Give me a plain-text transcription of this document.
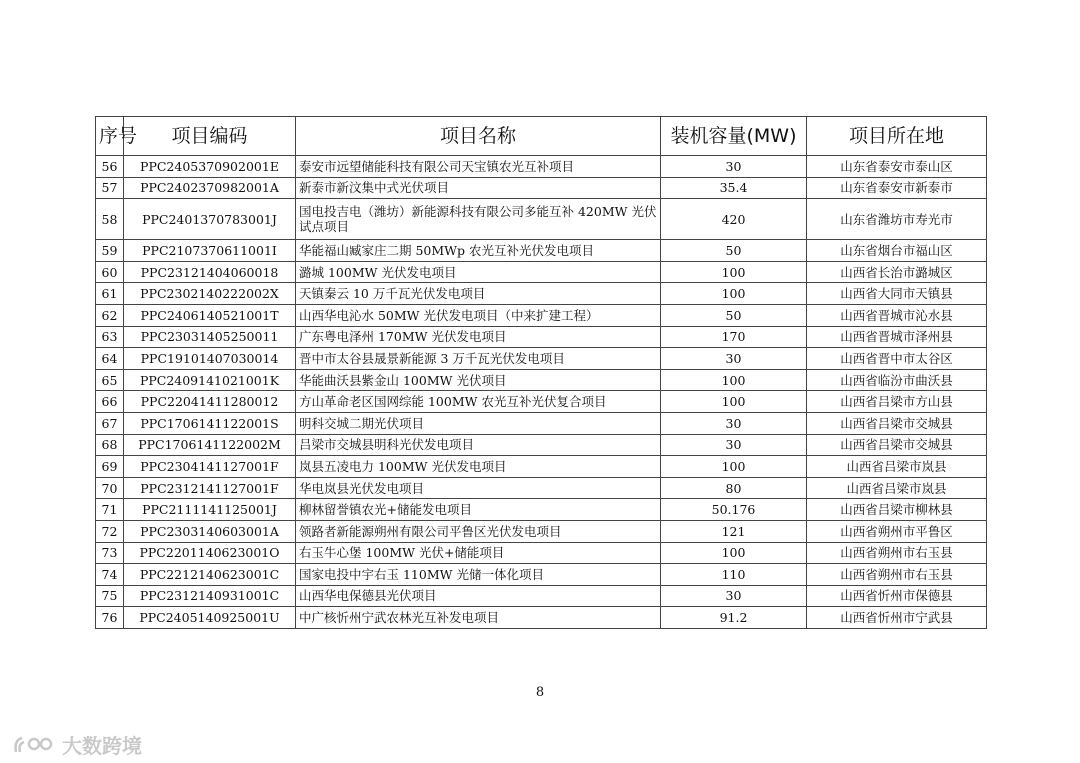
序号	项目编码	项目名称	装机容量(MW)	项目所在地
56	PPC2405370902001E	泰安市远望储能科技有限公司天宝镇农光互补项目	30	山东省泰安市泰山区
57	PPC2402370982001A	新泰市新汶集中式光伏项目	35.4	山东省泰安市新泰市
58	PPC2401370783001J	国电投吉电（潍坊）新能源科技有限公司多能互补 420MW 光伏试点项目	420	山东省潍坊市寿光市
59	PPC2107370611001I	华能福山臧家庄二期 50MWp 农光互补光伏发电项目	50	山东省烟台市福山区
60	PPC23121404060018	潞城 100MW 光伏发电项目	100	山西省长治市潞城区
61	PPC2302140222002X	天镇秦云 10 万千瓦光伏发电项目	100	山西省大同市天镇县
62	PPC2406140521001T	山西华电沁水 50MW 光伏发电项目（中来扩建工程）	50	山西省晋城市沁水县
63	PPC23031405250011	广东粤电泽州 170MW 光伏发电项目	170	山西省晋城市泽州县
64	PPC19101407030014	晋中市太谷县晟景新能源 3 万千瓦光伏发电项目	30	山西省晋中市太谷区
65	PPC2409141021001K	华能曲沃县紫金山 100MW 光伏项目	100	山西省临汾市曲沃县
66	PPC22041411280012	方山革命老区国网综能 100MW 农光互补光伏复合项目	100	山西省吕梁市方山县
67	PPC1706141122001S	明科交城二期光伏项目	30	山西省吕梁市交城县
68	PPC1706141122002M	吕梁市交城县明科光伏发电项目	30	山西省吕梁市交城县
69	PPC2304141127001F	岚县五凌电力 100MW 光伏发电项目	100	山西省吕梁市岚县
70	PPC2312141127001F	华电岚县光伏发电项目	80	山西省吕梁市岚县
71	PPC2111141125001J	柳林留誉镇农光+储能发电项目	50.176	山西省吕梁市柳林县
72	PPC2303140603001A	领路者新能源朔州有限公司平鲁区光伏发电项目	121	山西省朔州市平鲁区
73	PPC2201140623001O	右玉牛心堡 100MW 光伏+储能项目	100	山西省朔州市右玉县
74	PPC2212140623001C	国家电投中宇右玉 110MW 光储一体化项目	110	山西省朔州市右玉县
75	PPC2312140931001C	山西华电保德县光伏项目	30	山西省忻州市保德县
76	PPC2405140925001U	中广核忻州宁武农林光互补发电项目	91.2	山西省忻州市宁武县
8
大数跨境
